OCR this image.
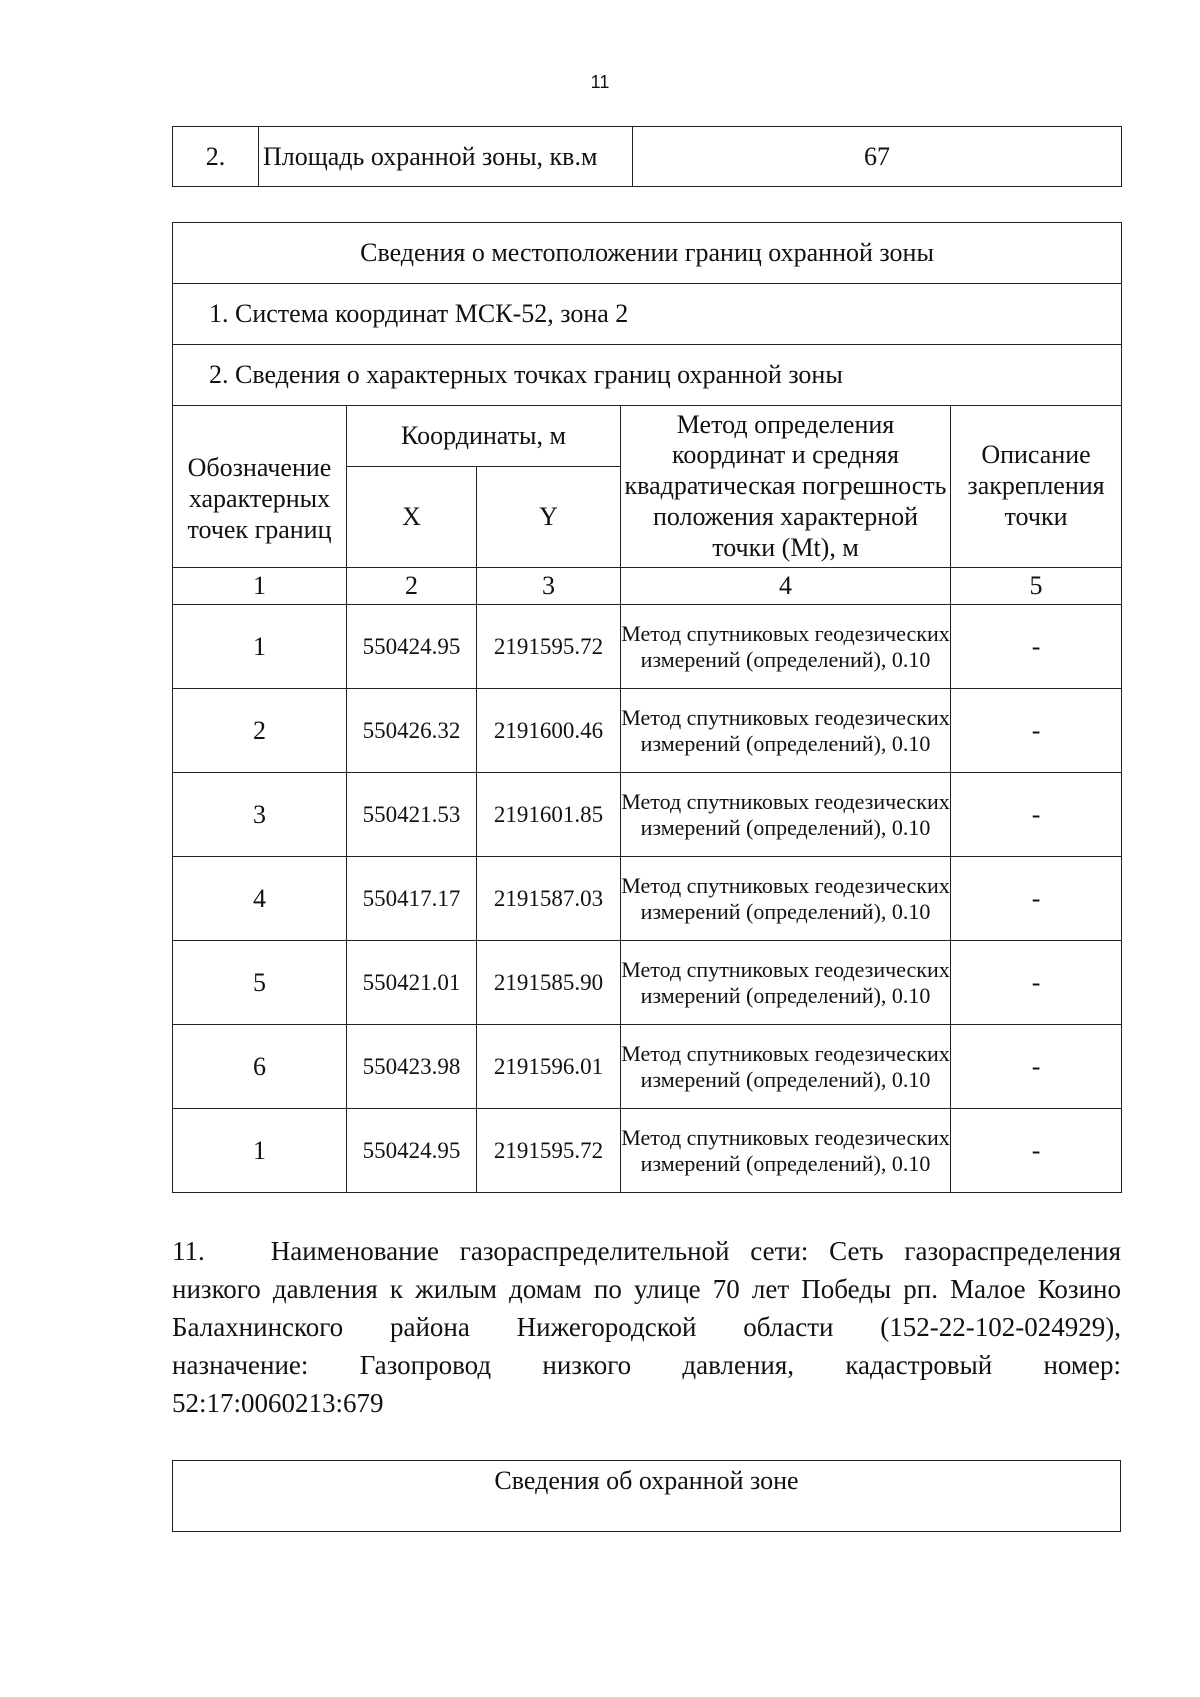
11
2.	Площадь охранной зоны, кв.м	67
Сведения о местоположении границ охранной зоны				
1. Система координат МСК-52, зона 2				
2. Сведения о характерных точках границ охранной зоны				
Обозначение характерных точек границ	Координаты, м		Метод определения координат и средняя квадратическая погрешность положения характерной точки (Mt), м	Описание закрепления точки
	X	Y		
1	2	3	4	5
1	550424.95	2191595.72	Метод спутниковых геодезических измерений (определений), 0.10	-
2	550426.32	2191600.46	Метод спутниковых геодезических измерений (определений), 0.10	-
3	550421.53	2191601.85	Метод спутниковых геодезических измерений (определений), 0.10	-
4	550417.17	2191587.03	Метод спутниковых геодезических измерений (определений), 0.10	-
5	550421.01	2191585.90	Метод спутниковых геодезических измерений (определений), 0.10	-
6	550423.98	2191596.01	Метод спутниковых геодезических измерений (определений), 0.10	-
1	550424.95	2191595.72	Метод спутниковых геодезических измерений (определений), 0.10	-
11. Наименование газораспределительной сети: Сеть газораспределения
низкого давления к жилым домам по улице 70 лет Победы рп. Малое Козино
Балахнинского района Нижегородской области (152-22-102-024929),
назначение: Газопровод низкого давления, кадастровый номер:
52:17:0060213:679
Сведения об охранной зоне
